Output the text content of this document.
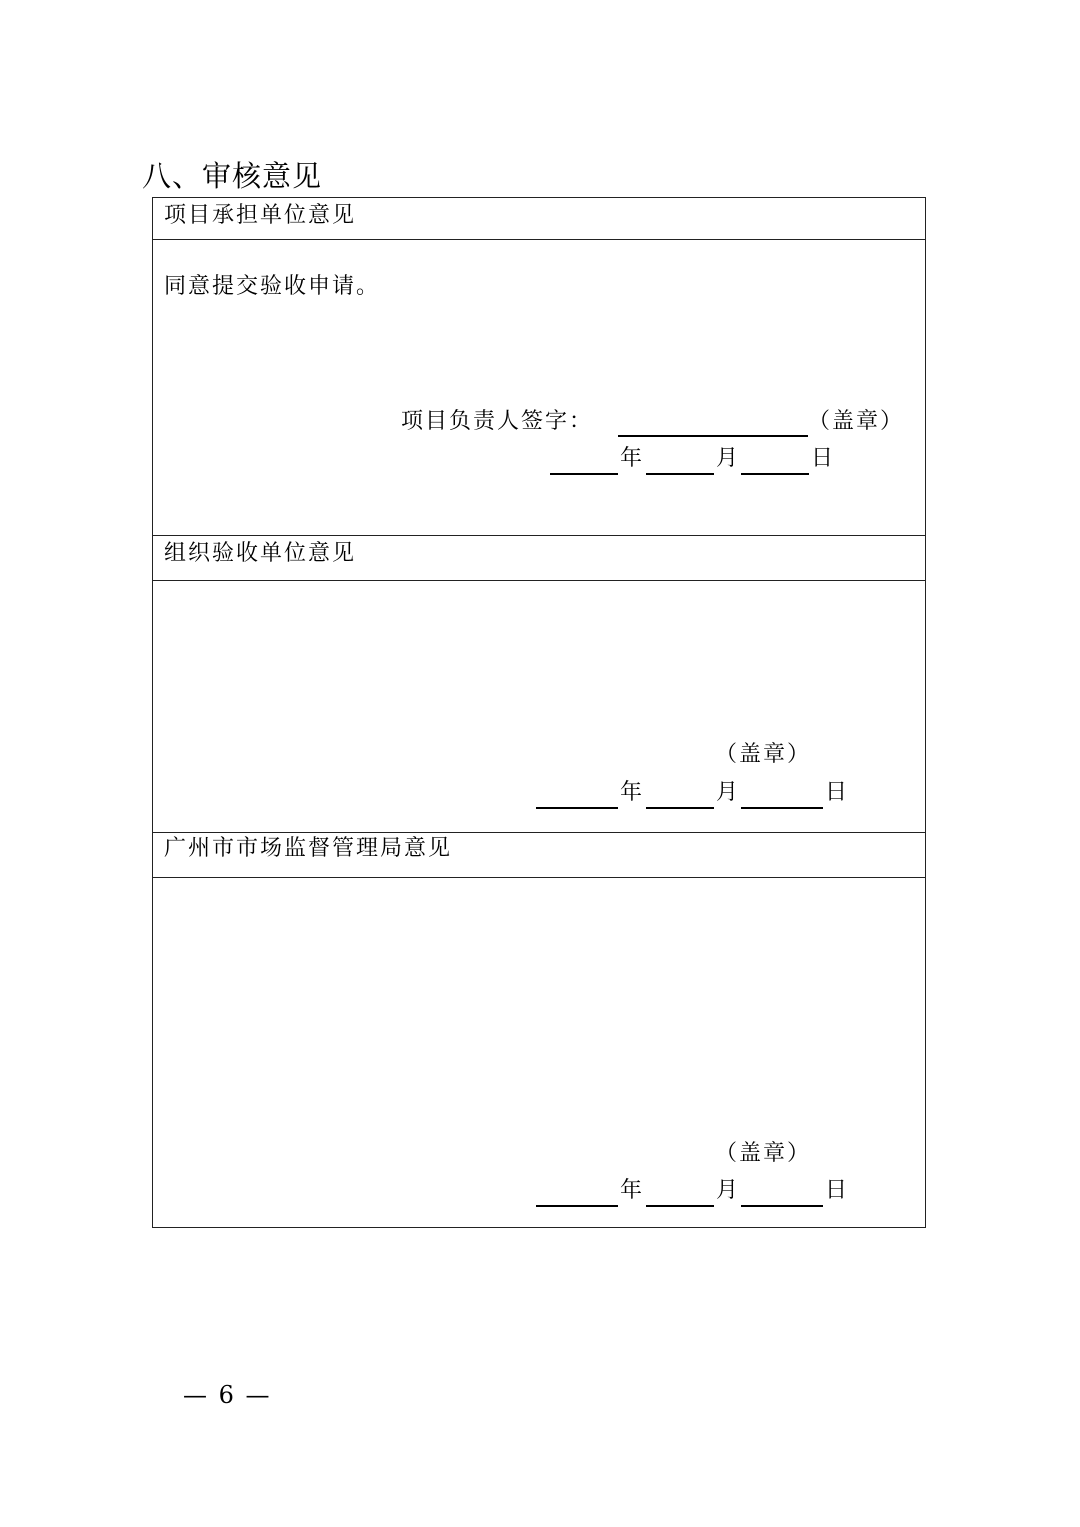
八、审核意见
项目承担单位意见
同意提交验收申请。
项目负责人签字：	（盖章）
年	月	日
组织验收单位意见
（盖章）
年	月	日
广州市市场监督管理局意见
（盖章）
年	月	日
— 6 —
